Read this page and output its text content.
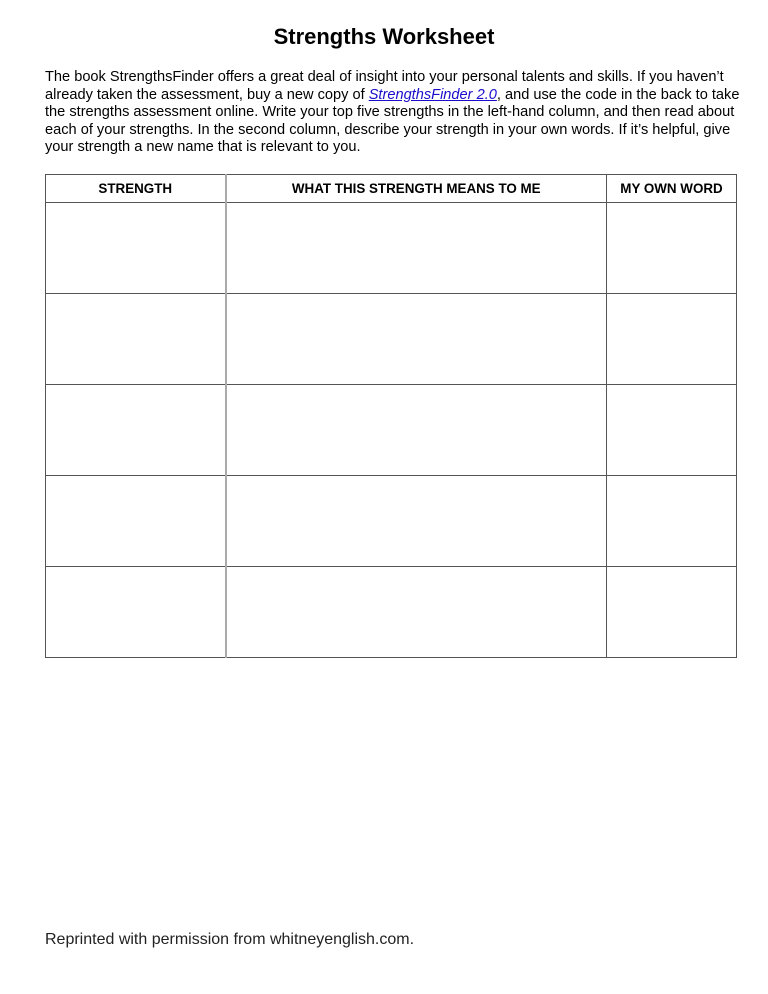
Strengths Worksheet

The book StrengthsFinder offers a great deal of insight into your personal talents and skills. If you haven’t already taken the assessment, buy a new copy of StrengthsFinder 2.0, and use the code in the back to take the strengths assessment online. Write your top five strengths in the left-hand column, and then read about each of your strengths. In the second column, describe your strength in your own words. If it’s helpful, give your strength a new name that is relevant to you.

STRENGTH	WHAT THIS STRENGTH MEANS TO ME	MY OWN WORD

Reprinted with permission from whitneyenglish.com.
